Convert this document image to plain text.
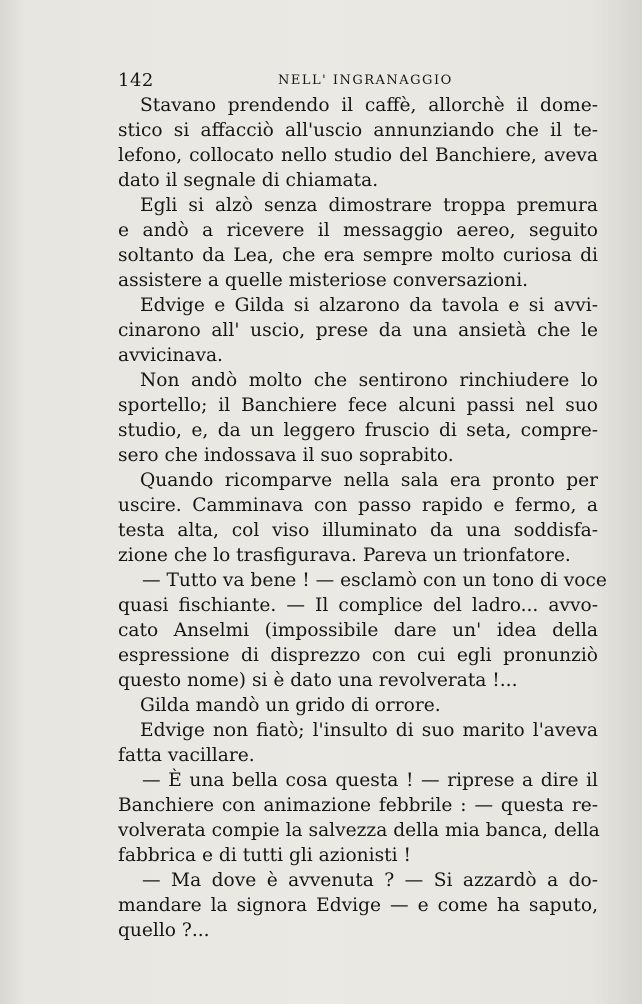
142	NELL' INGRANAGGIO
Stavano prendendo il caffè, allorchè il dome-
stico si affacciò all'uscio annunziando che il te-
lefono, collocato nello studio del Banchiere, aveva
dato il segnale di chiamata.
Egli si alzò senza dimostrare troppa premura
e andò a ricevere il messaggio aereo, seguito
soltanto da Lea, che era sempre molto curiosa di
assistere a quelle misteriose conversazioni.
Edvige e Gilda si alzarono da tavola e si avvi-
cinarono all' uscio, prese da una ansietà che le
avvicinava.
Non andò molto che sentirono rinchiudere lo
sportello; il Banchiere fece alcuni passi nel suo
studio, e, da un leggero fruscio di seta, compre-
sero che indossava il suo soprabito.
Quando ricomparve nella sala era pronto per
uscire. Camminava con passo rapido e fermo, a
testa alta, col viso illuminato da una soddisfa-
zione che lo trasfigurava. Pareva un trionfatore.
— Tutto va bene ! — esclamò con un tono di voce
quasi fischiante. — Il complice del ladro... avvo-
cato Anselmi (impossibile dare un' idea della
espressione di disprezzo con cui egli pronunziò
questo nome) si è dato una revolverata !...
Gilda mandò un grido di orrore.
Edvige non fiatò; l'insulto di suo marito l'aveva
fatta vacillare.
— È una bella cosa questa ! — riprese a dire il
Banchiere con animazione febbrile : — questa re-
volverata compie la salvezza della mia banca, della
fabbrica e di tutti gli azionisti !
— Ma dove è avvenuta ? — Si azzardò a do-
mandare la signora Edvige — e come ha saputo,
quello ?...
